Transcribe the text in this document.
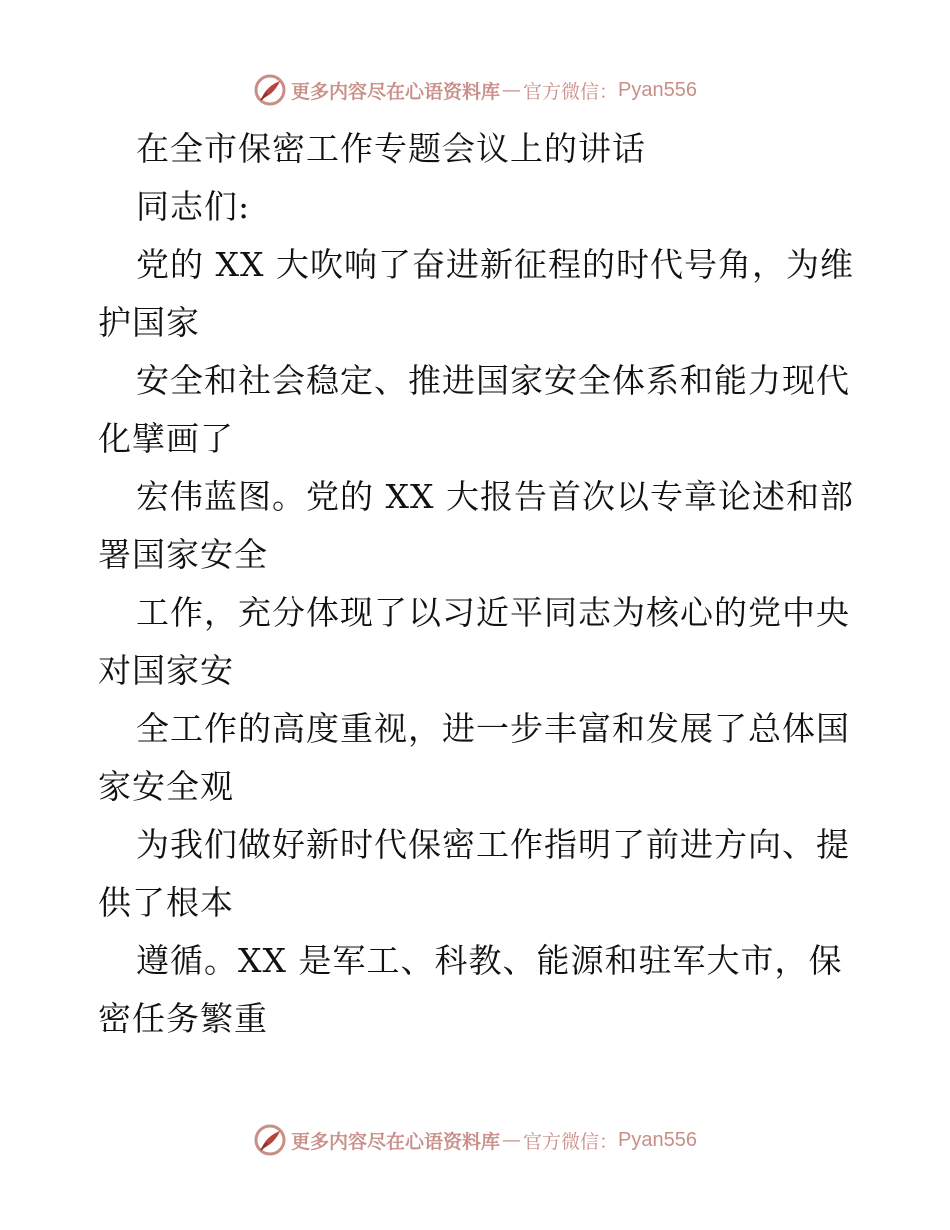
更多内容尽在心语资料库 — 官方微信： Pyan556
在全市保密工作专题会议上的讲话
同志们:
党的 XX 大吹响了奋进新征程的时代号角，为维
护国家
安全和社会稳定、推进国家安全体系和能力现代
化擘画了
宏伟蓝图。党的 XX 大报告首次以专章论述和部
署国家安全
工作，充分体现了以习近平同志为核心的党中央
对国家安
全工作的高度重视，进一步丰富和发展了总体国
家安全观
为我们做好新时代保密工作指明了前进方向、提
供了根本
遵循。XX 是军工、科教、能源和驻军大市，保
密任务繁重
更多内容尽在心语资料库 — 官方微信： Pyan556
